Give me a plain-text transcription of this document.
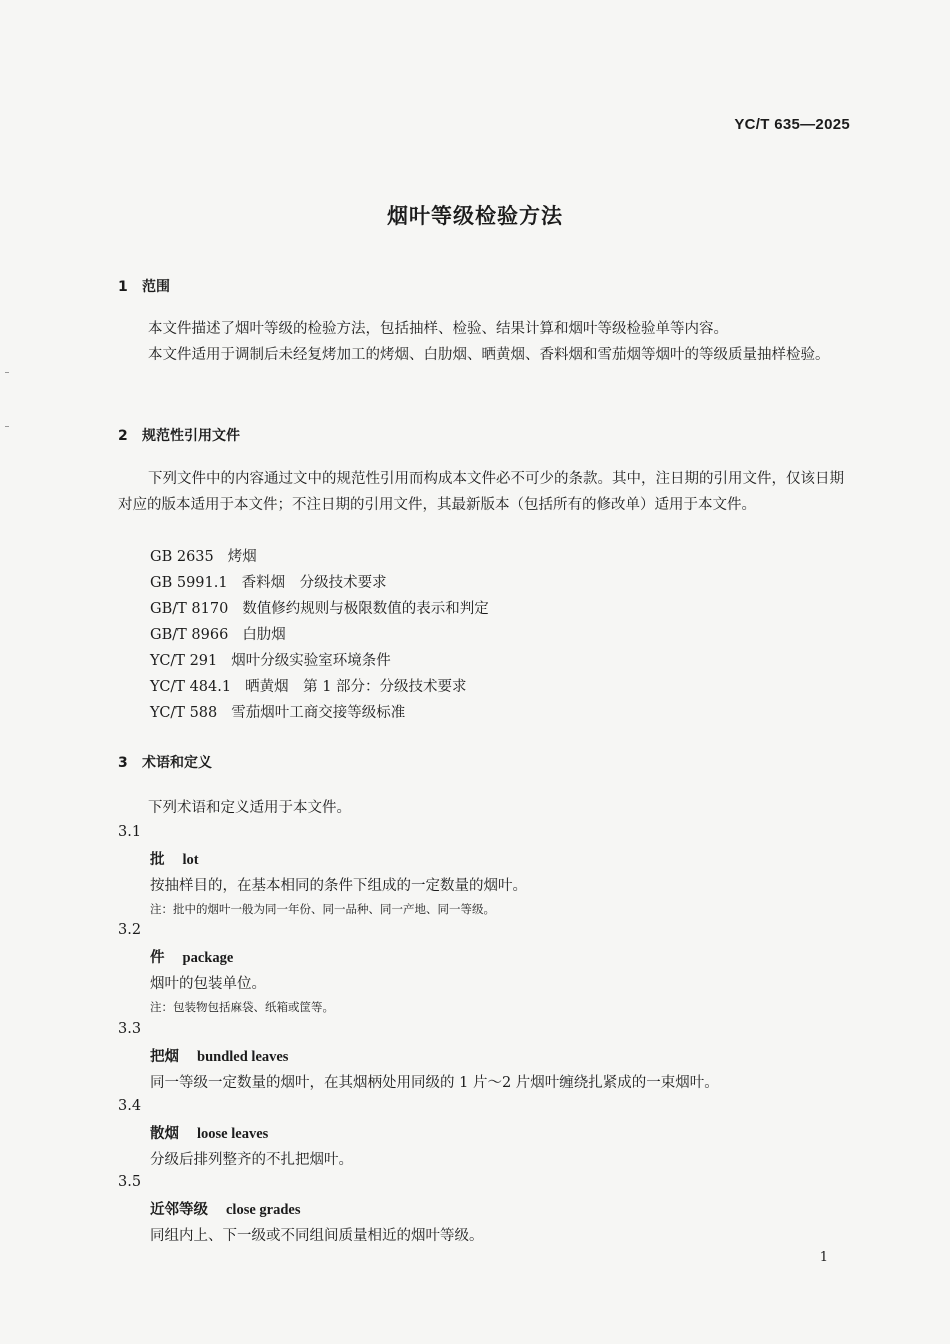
YC/T 635—2025
烟叶等级检验方法
1 范围
本文件描述了烟叶等级的检验方法，包括抽样、检验、结果计算和烟叶等级检验单等内容。
本文件适用于调制后未经复烤加工的烤烟、白肋烟、晒黄烟、香料烟和雪茄烟等烟叶的等级质量抽样检验。
2 规范性引用文件
下列文件中的内容通过文中的规范性引用而构成本文件必不可少的条款。其中，注日期的引用文件，仅该日期对应的版本适用于本文件；不注日期的引用文件，其最新版本（包括所有的修改单）适用于本文件。
GB 2635 烤烟
GB 5991.1 香料烟　分级技术要求
GB/T 8170 数值修约规则与极限数值的表示和判定
GB/T 8966 白肋烟
YC/T 291 烟叶分级实验室环境条件
YC/T 484.1 晒黄烟　第 1 部分：分级技术要求
YC/T 588 雪茄烟叶工商交接等级标准
3 术语和定义
下列术语和定义适用于本文件。
3.1
批 lot
按抽样目的，在基本相同的条件下组成的一定数量的烟叶。
注：批中的烟叶一般为同一年份、同一品种、同一产地、同一等级。
3.2
件 package
烟叶的包装单位。
注：包装物包括麻袋、纸箱或筐等。
3.3
把烟 bundled leaves
同一等级一定数量的烟叶，在其烟柄处用同级的 1 片～2 片烟叶缠绕扎紧成的一束烟叶。
3.4
散烟 loose leaves
分级后排列整齐的不扎把烟叶。
3.5
近邻等级 close grades
同组内上、下一级或不同组间质量相近的烟叶等级。
1
